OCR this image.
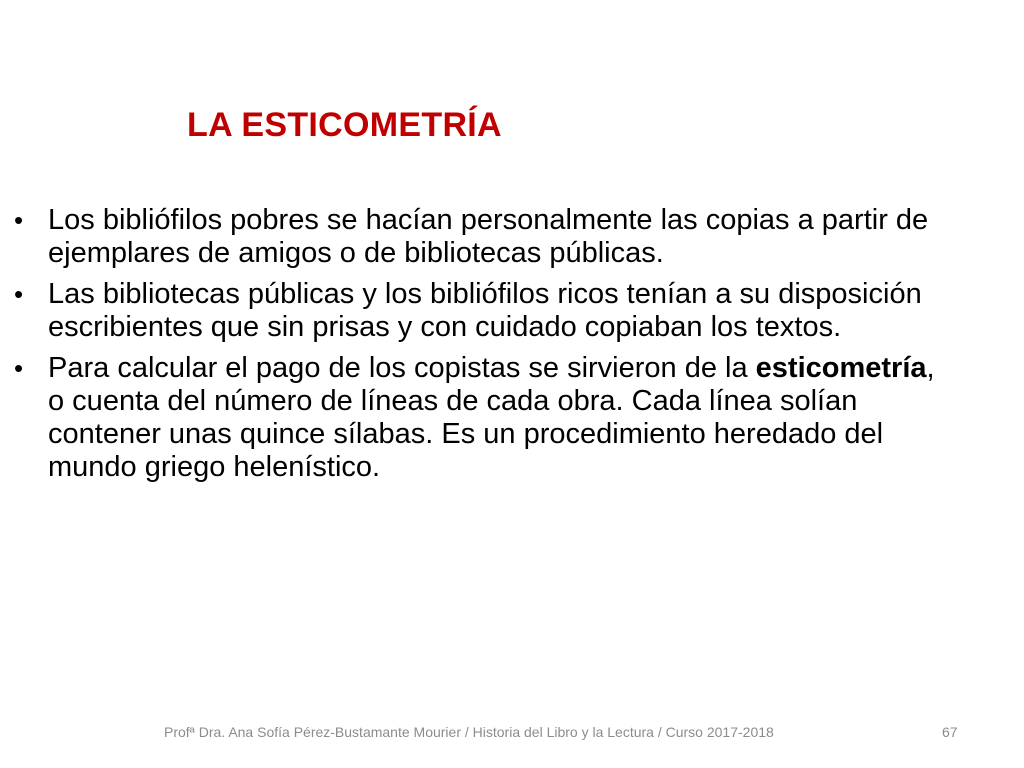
LA ESTICOMETRÍA
• Los bibliófilos pobres se hacían personalmente las copias a partir de ejemplares de amigos o de bibliotecas públicas.
• Las bibliotecas públicas y los bibliófilos ricos tenían a su disposición escribientes que sin prisas y con cuidado copiaban los textos.
• Para calcular el pago de los copistas se sirvieron de la esticometría, o cuenta del número de líneas de cada obra. Cada línea solían contener unas quince sílabas. Es un procedimiento heredado del mundo griego helenístico.
Profª Dra. Ana Sofía Pérez-Bustamante Mourier / Historia del Libro y la Lectura / Curso 2017-2018	67
